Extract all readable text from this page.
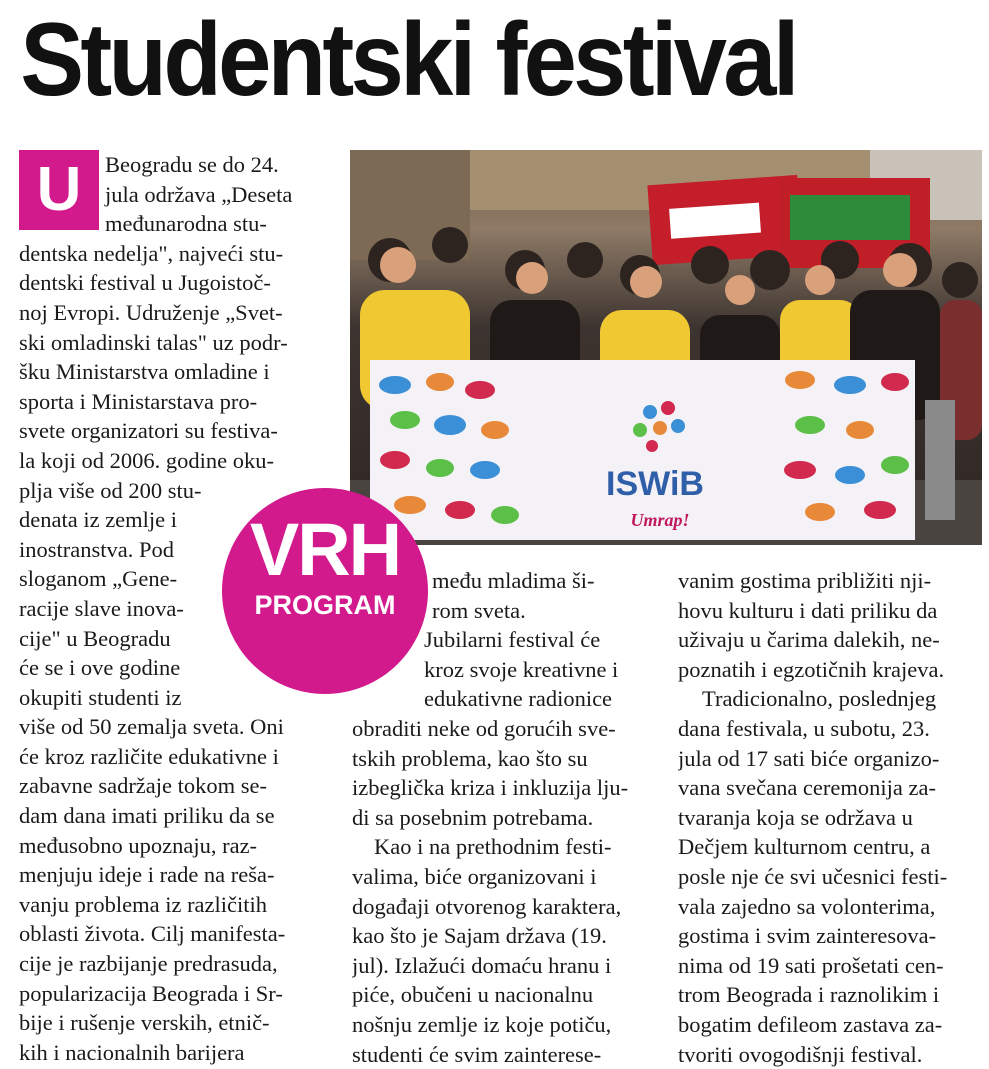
Studentski festival
Beogradu se do 24.
jula održava „Deseta
međunarodna stu-
dentska nedelja", najveći stu-
dentski festival u Jugoistoč-
noj Evropi. Udruženje „Svet-
ski omladinski talas" uz podr-
šku Ministarstva omladine i
sporta i Ministarstava pro-
svete organizatori su festiva-
la koji od 2006. godine oku-
plja više od 200 stu-
denata iz zemlje i
inostranstva. Pod
sloganom „Gene-
racije slave inova-
cije" u Beogradu
će se i ove godine
okupiti studenti iz
više od 50 zemalja sveta. Oni
će kroz različite edukativne i
zabavne sadržaje tokom se-
dam dana imati priliku da se
međusobno upoznaju, raz-
menjuju ideje i rade na reša-
vanju problema iz različitih
oblasti života. Cilj manifesta-
cije je razbijanje predrasuda,
popularizacija Beograda i Sr-
bije i rušenje verskih, etnič-
kih i nacionalnih barijera
U
ISWiB
Umrap!
VRH
PROGRAM
među mladima ši-
rom sveta.
Jubilarni festival će
kroz svoje kreativne i
edukativne radionice
obraditi neke od gorućih sve-
tskih problema, kao što su
izbeglička kriza i inkluzija lju-
di sa posebnim potrebama.
Kao i na prethodnim festi-
valima, biće organizovani i
događaji otvorenog karaktera,
kao što je Sajam država (19.
jul). Izlažući domaću hranu i
piće, obučeni u nacionalnu
nošnju zemlje iz koje potiču,
studenti će svim zainterese-
vanim gostima približiti nji-
hovu kulturu i dati priliku da
uživaju u čarima dalekih, ne-
poznatih i egzotičnih krajeva.
Tradicionalno, poslednjeg
dana festivala, u subotu, 23.
jula od 17 sati biće organizo-
vana svečana ceremonija za-
tvaranja koja se održava u
Dečjem kulturnom centru, a
posle nje će svi učesnici festi-
vala zajedno sa volonterima,
gostima i svim zainteresova-
nima od 19 sati prošetati cen-
trom Beograda i raznolikim i
bogatim defileom zastava za-
tvoriti ovogodišnji festival.
